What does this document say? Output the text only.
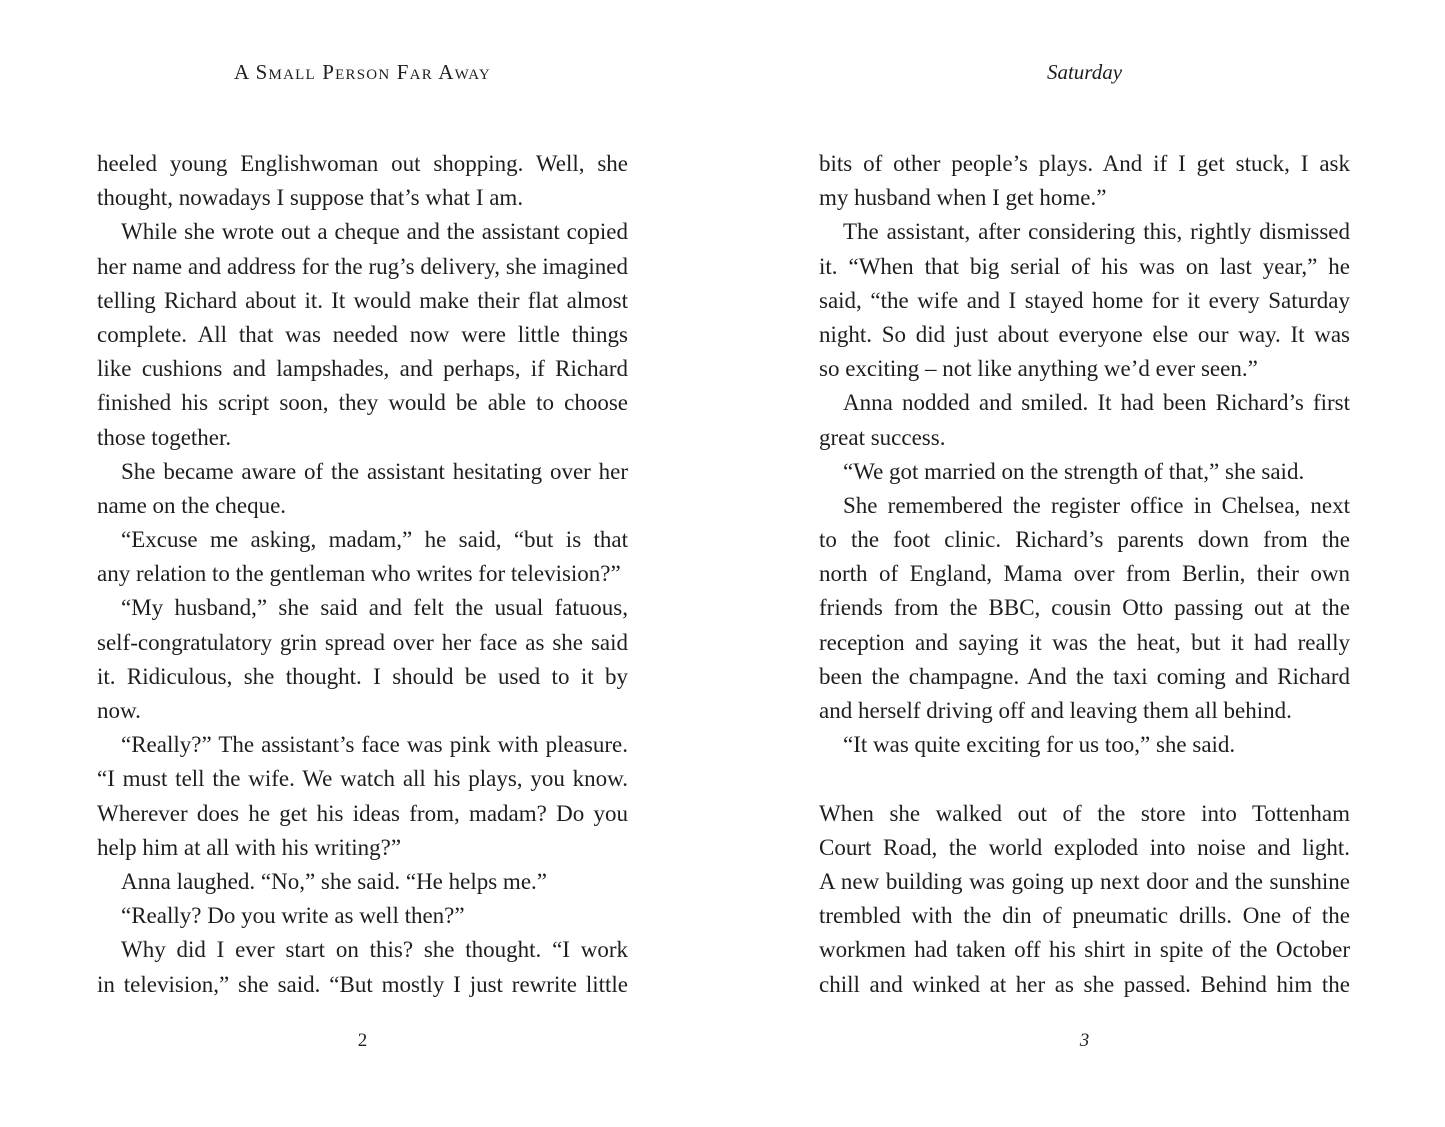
A Small Person Far Away
heeled young Englishwoman out shopping. Well, she
thought, nowadays I suppose that’s what I am.
While she wrote out a cheque and the assistant copied
her name and address for the rug’s delivery, she imagined
telling Richard about it. It would make their flat almost
complete. All that was needed now were little things
like cushions and lampshades, and perhaps, if Richard
finished his script soon, they would be able to choose
those together.
She became aware of the assistant hesitating over her
name on the cheque.
“Excuse me asking, madam,” he said, “but is that
any relation to the gentleman who writes for television?”
“My husband,” she said and felt the usual fatuous,
self-congratulatory grin spread over her face as she said
it. Ridiculous, she thought. I should be used to it by
now.
“Really?” The assistant’s face was pink with pleasure.
“I must tell the wife. We watch all his plays, you know.
Wherever does he get his ideas from, madam? Do you
help him at all with his writing?”
Anna laughed. “No,” she said. “He helps me.”
“Really? Do you write as well then?”
Why did I ever start on this? she thought. “I work
in television,” she said. “But mostly I just rewrite little
2
Saturday
bits of other people’s plays. And if I get stuck, I ask
my husband when I get home.”
The assistant, after considering this, rightly dismissed
it. “When that big serial of his was on last year,” he
said, “the wife and I stayed home for it every Saturday
night. So did just about everyone else our way. It was
so exciting – not like anything we’d ever seen.”
Anna nodded and smiled. It had been Richard’s first
great success.
“We got married on the strength of that,” she said.
She remembered the register office in Chelsea, next
to the foot clinic. Richard’s parents down from the
north of England, Mama over from Berlin, their own
friends from the BBC, cousin Otto passing out at the
reception and saying it was the heat, but it had really
been the champagne. And the taxi coming and Richard
and herself driving off and leaving them all behind.
“It was quite exciting for us too,” she said.
When she walked out of the store into Tottenham
Court Road, the world exploded into noise and light.
A new building was going up next door and the sunshine
trembled with the din of pneumatic drills. One of the
workmen had taken off his shirt in spite of the October
chill and winked at her as she passed. Behind him the
3
